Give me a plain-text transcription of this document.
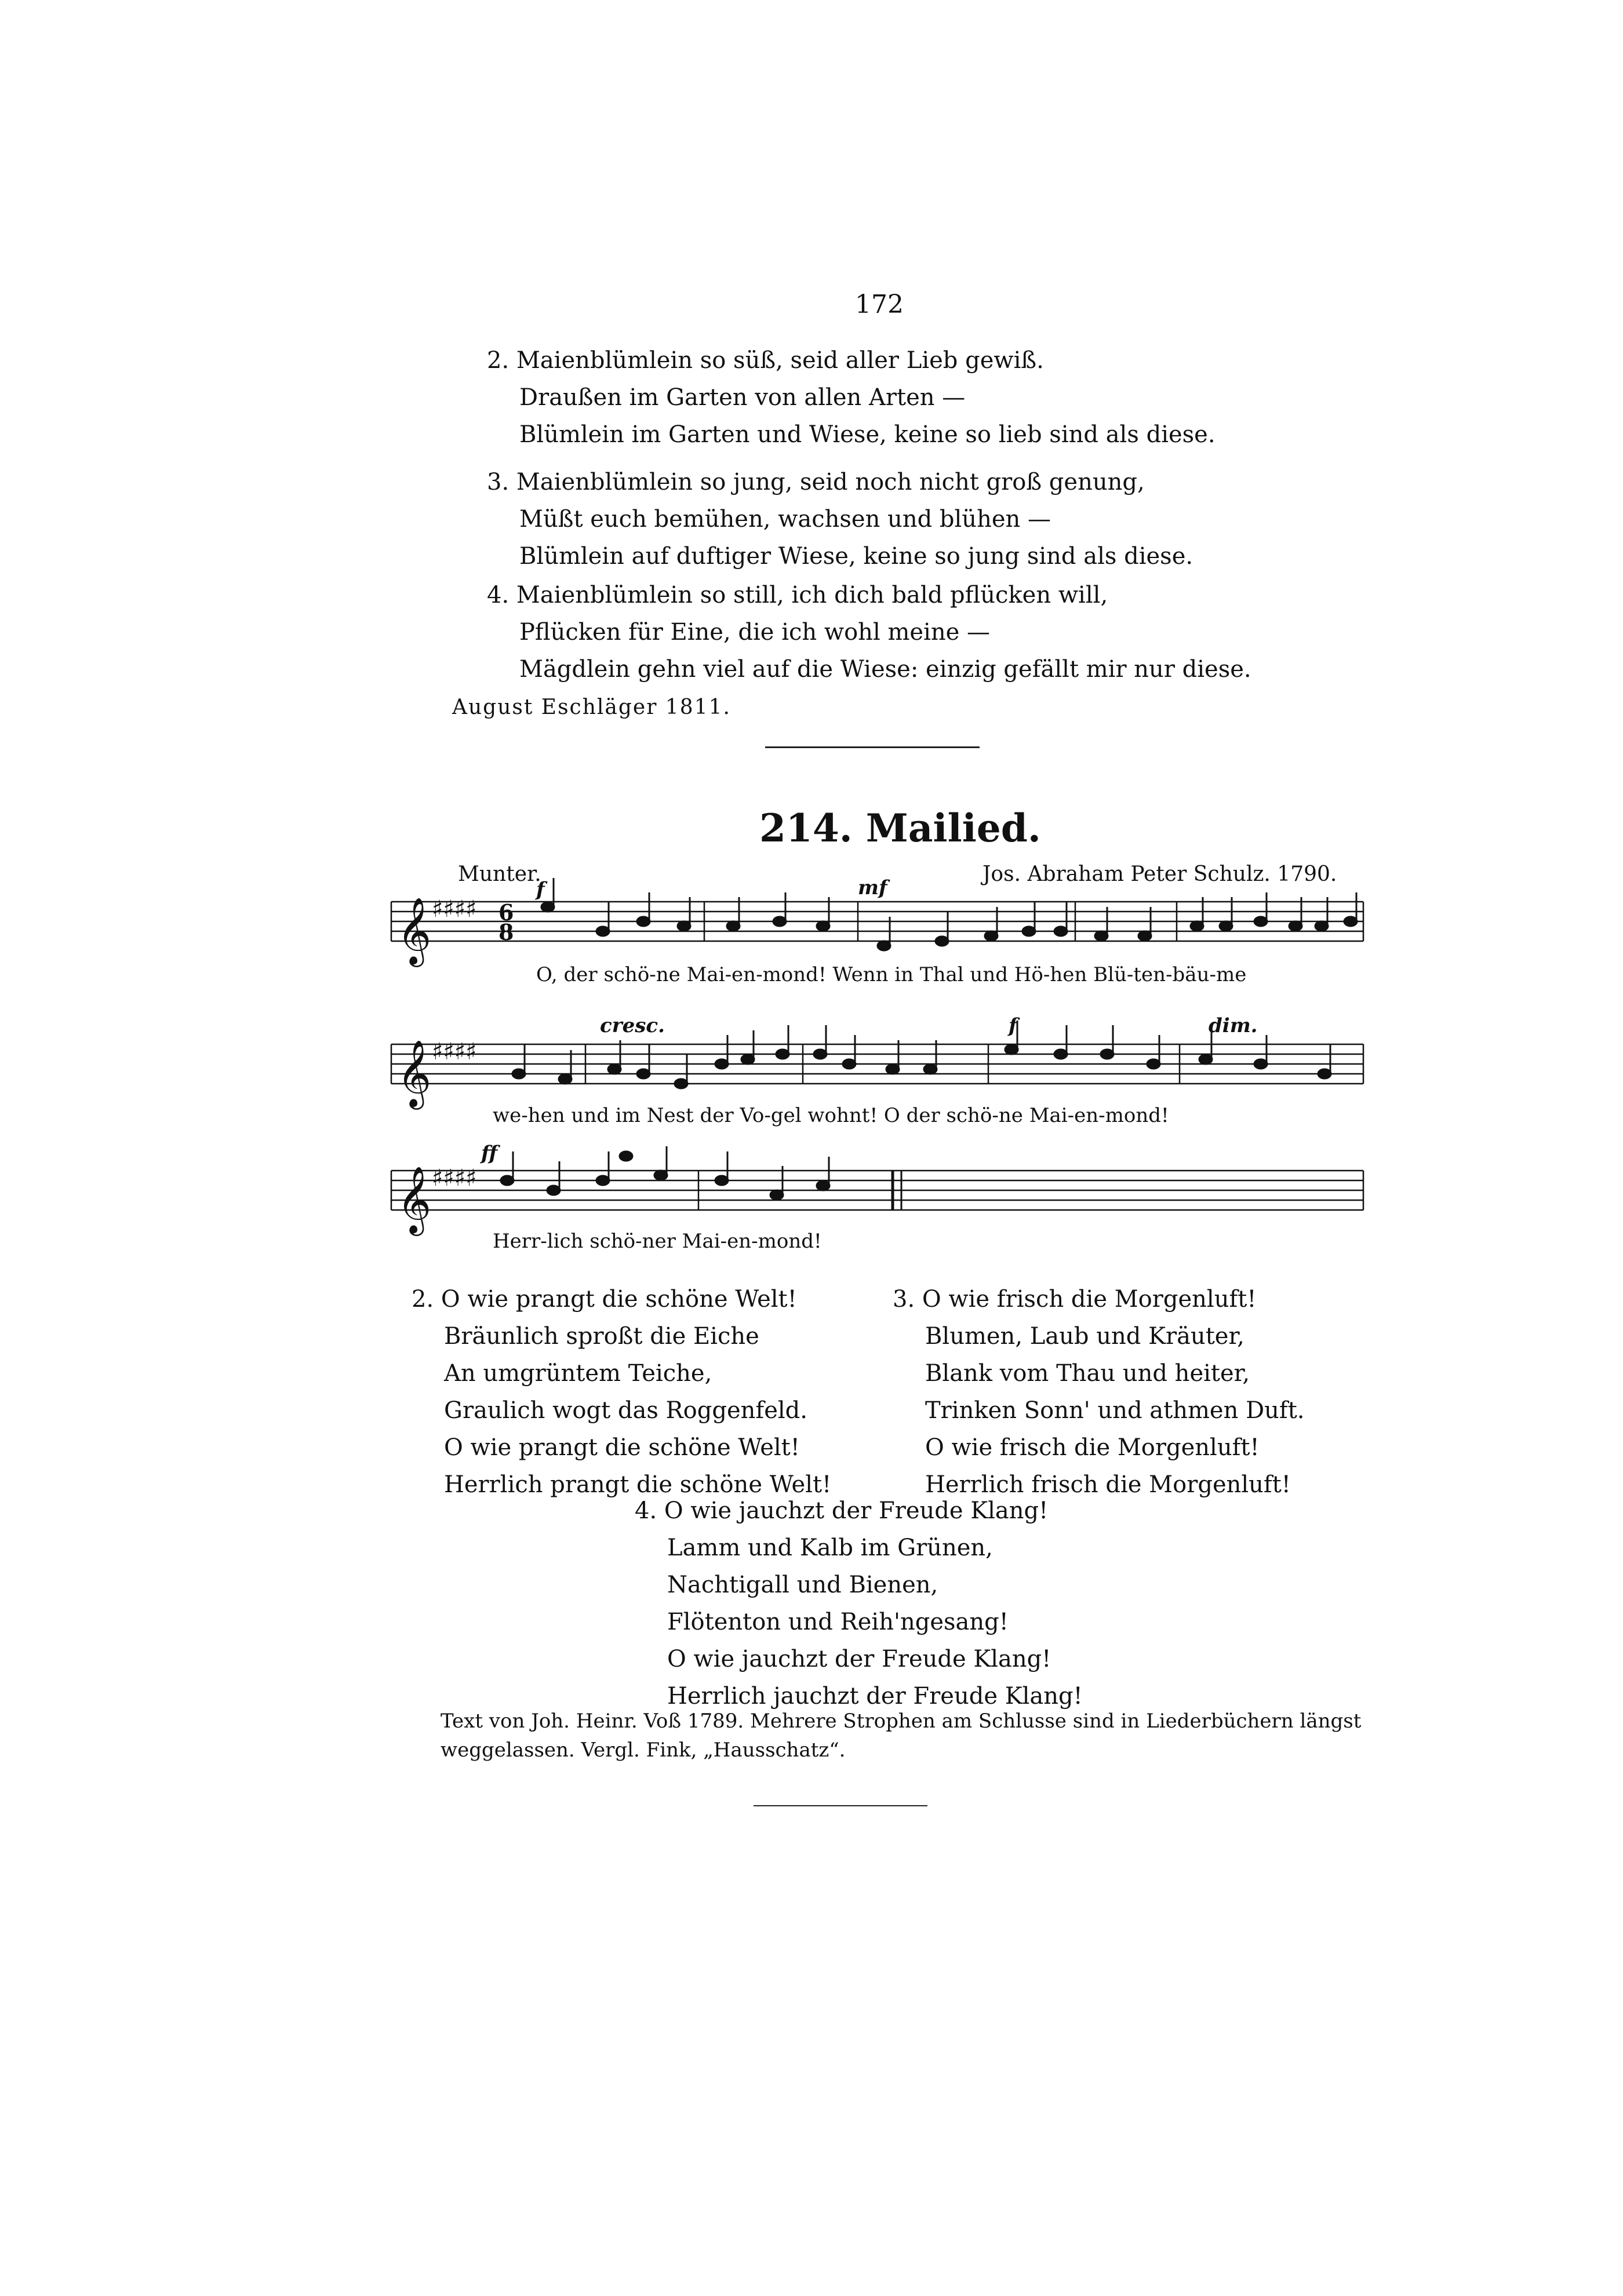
172
2. Maienblümlein so süß, seid aller Lieb gewiß.
Draußen im Garten von allen Arten —
Blümlein im Garten und Wiese, keine so lieb sind als diese.
3. Maienblümlein so jung, seid noch nicht groß genung,
Müßt euch bemühen, wachsen und blühen —
Blümlein auf duftiger Wiese, keine so jung sind als diese.
4. Maienblümlein so still, ich dich bald pflücken will,
Pflücken für Eine, die ich wohl meine —
Mägdlein gehn viel auf die Wiese: einzig gefällt mir nur diese.
August Eschläger 1811.
214. Mailied.
Munter.	Jos. Abraham Peter Schulz. 1790.
𝄞
𝄞
𝄞
♯♯♯♯
♯♯♯♯
♯♯♯♯
6
8
f	mf
cresc.	f	dim.
ff
O, der schö-ne Mai-en-mond! Wenn in Thal und Hö-hen Blü-ten-bäu-me
we-hen und im Nest der Vo-gel wohnt! O der schö-ne Mai-en-mond!
Herr-lich schö-ner Mai-en-mond!
2. O wie prangt die schöne Welt!
Bräunlich sproßt die Eiche
An umgrüntem Teiche,
Graulich wogt das Roggenfeld.
O wie prangt die schöne Welt!
Herrlich prangt die schöne Welt!
3. O wie frisch die Morgenluft!
Blumen, Laub und Kräuter,
Blank vom Thau und heiter,
Trinken Sonn' und athmen Duft.
O wie frisch die Morgenluft!
Herrlich frisch die Morgenluft!
4. O wie jauchzt der Freude Klang!
Lamm und Kalb im Grünen,
Nachtigall und Bienen,
Flötenton und Reih'ngesang!
O wie jauchzt der Freude Klang!
Herrlich jauchzt der Freude Klang!
Text von Joh. Heinr. Voß 1789. Mehrere Strophen am Schlusse sind in Liederbüchern längst weggelassen. Vergl. Fink, „Hausschatz“.
